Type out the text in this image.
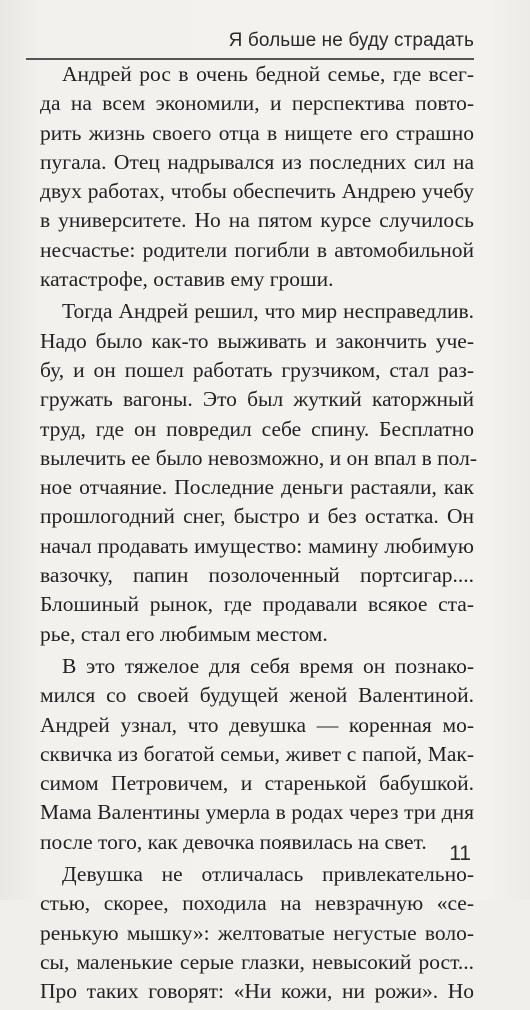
Я больше не буду страдать
Андрей рос в очень бедной семье, где всег-
да на всем экономили, и перспектива повто-
рить жизнь своего отца в нищете его страшно
пугала. Отец надрывался из последних сил на
двух работах, чтобы обеспечить Андрею учебу
в университете. Но на пятом курсе случилось
несчастье: родители погибли в автомобильной
катастрофе, оставив ему гроши.
Тогда Андрей решил, что мир несправедлив.
Надо было как-то выживать и закончить уче-
бу, и он пошел работать грузчиком, стал раз-
гружать вагоны. Это был жуткий каторжный
труд, где он повредил себе спину. Бесплатно
вылечить ее было невозможно, и он впал в пол-
ное отчаяние. Последние деньги растаяли, как
прошлогодний снег, быстро и без остатка. Он
начал продавать имущество: мамину любимую
вазочку, папин позолоченный портсигар....
Блошиный рынок, где продавали всякое ста-
рье, стал его любимым местом.
В это тяжелое для себя время он познако-
мился со своей будущей женой Валентиной.
Андрей узнал, что девушка — коренная мо-
сквичка из богатой семьи, живет с папой, Мак-
симом Петровичем, и старенькой бабушкой.
Мама Валентины умерла в родах через три дня
после того, как девочка появилась на свет.
Девушка не отличалась привлекательно-
стью, скорее, походила на невзрачную «се-
ренькую мышку»: желтоватые негустые воло-
сы, маленькие серые глазки, невысокий рост...
Про таких говорят: «Ни кожи, ни рожи». Но
11
